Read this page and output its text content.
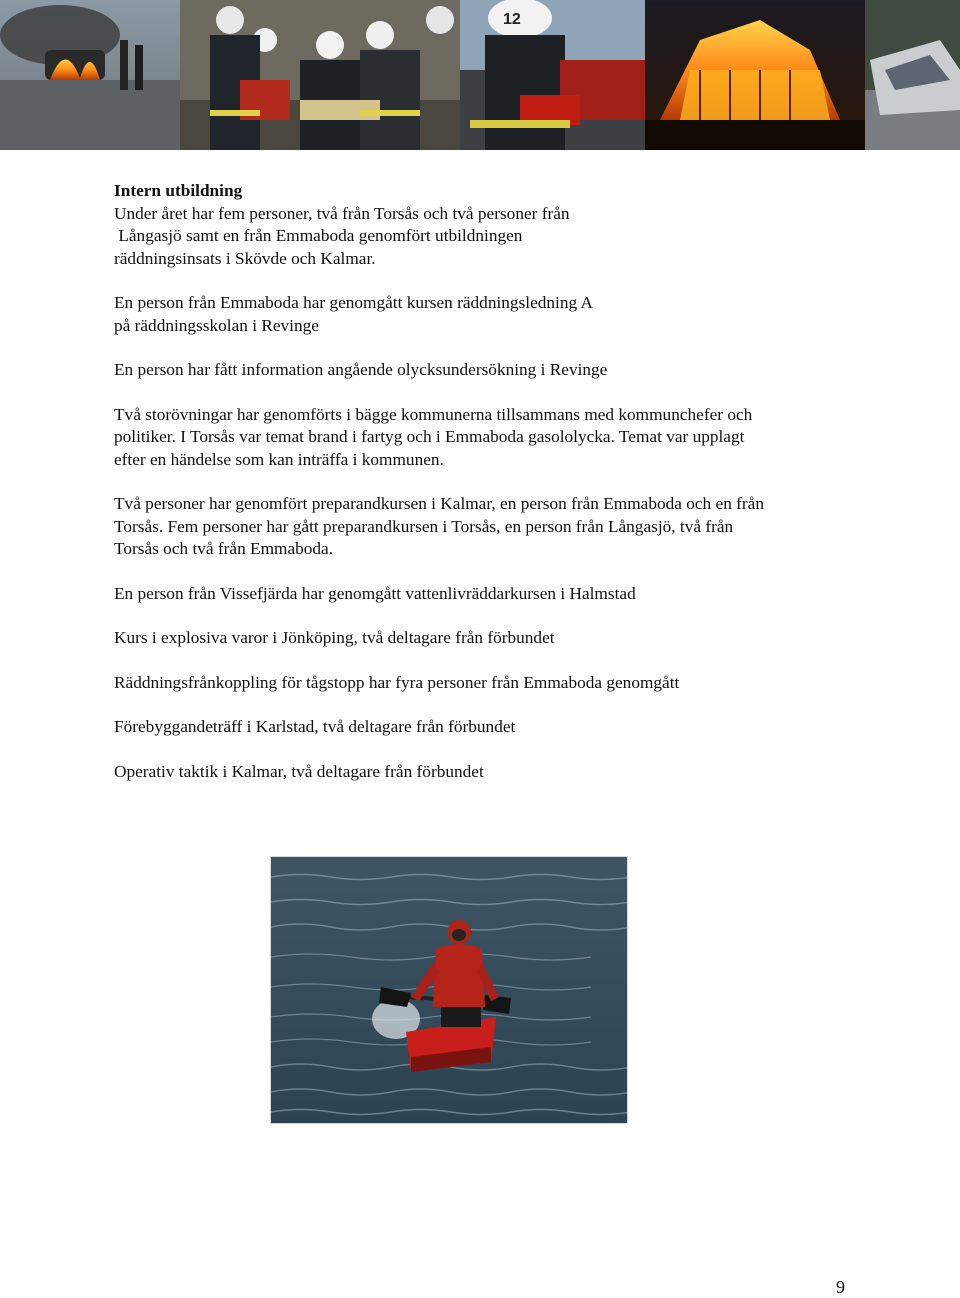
12

Intern utbildning

Under året har fem personer, två från Torsås och två personer från

Långasjö samt en från Emmaboda genomfört utbildningen

räddningsinsats i Skövde och Kalmar.

En person från Emmaboda har genomgått kursen räddningsledning A

på räddningsskolan i Revinge

En person har fått information angående olycksundersökning i Revinge

Två storövningar har genomförts i bägge kommunerna tillsammans med kommunchefer och

politiker. I Torsås var temat brand i fartyg och i Emmaboda gasololycka. Temat var upplagt

efter en händelse som kan inträffa i kommunen.

Två personer har genomfört preparandkursen i Kalmar, en person från Emmaboda och en från

Torsås. Fem personer har gått preparandkursen i Torsås, en person från Långasjö, två från

Torsås och två från Emmaboda.

En person från Vissefjärda har genomgått vattenlivräddarkursen i Halmstad

Kurs i explosiva varor i Jönköping, två deltagare från förbundet

Räddningsfrånkoppling för tågstopp har fyra personer från Emmaboda genomgått

Förebyggandeträff i Karlstad, två deltagare från förbundet

Operativ taktik i Kalmar, två deltagare från förbundet

9
